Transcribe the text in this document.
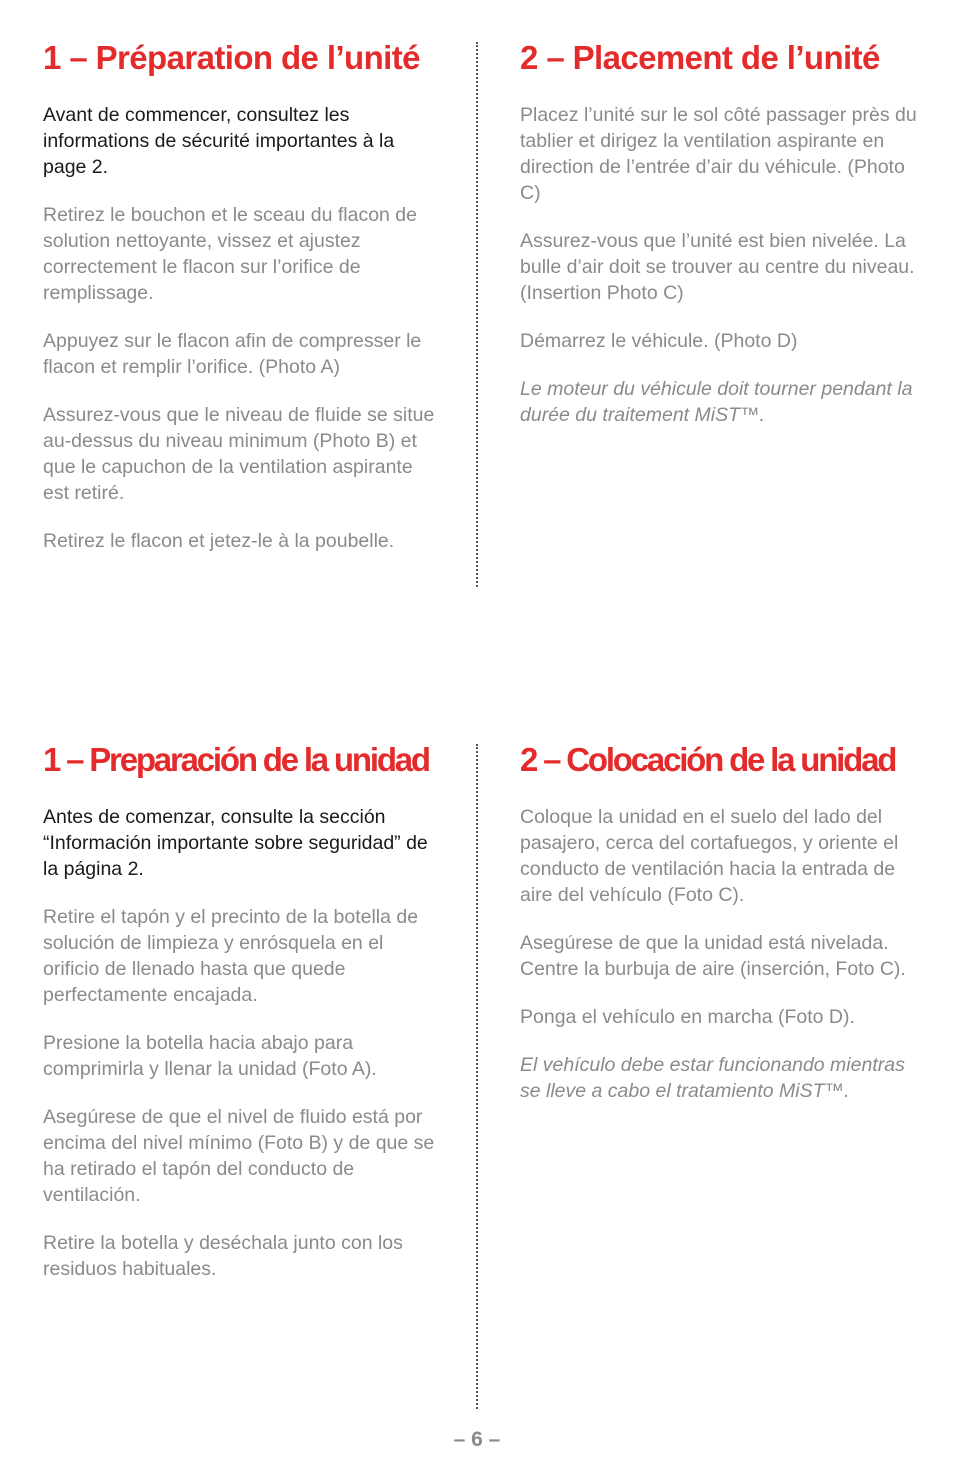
1 – Préparation de l’unité

Avant de commencer, consultez les informations de sécurité importantes à la page 2.

Retirez le bouchon et le sceau du flacon de solution nettoyante, vissez et ajustez correctement le flacon sur l’orifice de remplissage.

Appuyez sur le flacon afin de compresser le flacon et remplir l’orifice. (Photo A)

Assurez-vous que le niveau de fluide se situe au-dessus du niveau minimum (Photo B) et que le capuchon de la ventilation aspirante est retiré.

Retirez le flacon et jetez-le à la poubelle.

2 – Placement de l’unité

Placez l’unité sur le sol côté passager près du tablier et dirigez la ventilation aspirante en direction de l’entrée d’air du véhicule. (Photo C)

Assurez-vous que l’unité est bien nivelée. La bulle d’air doit se trouver au centre du niveau. (Insertion Photo C)

Démarrez le véhicule. (Photo D)

Le moteur du véhicule doit tourner pendant la durée du traitement MiST™.

1 – Preparación de la unidad

Antes de comenzar, consulte la sección “Información importante sobre seguridad” de la página 2.

Retire el tapón y el precinto de la botella de solución de limpieza y enrósquela en el orificio de llenado hasta que quede perfectamente encajada.

Presione la botella hacia abajo para comprimirla y llenar la unidad (Foto A).

Asegúrese de que el nivel de fluido está por encima del nivel mínimo (Foto B) y de que se ha retirado el tapón del conducto de ventilación.

Retire la botella y deséchala junto con los residuos habituales.

2 – Colocación de la unidad

Coloque la unidad en el suelo del lado del pasajero, cerca del cortafuegos, y oriente el conducto de ventilación hacia la entrada de aire del vehículo (Foto C).

Asegúrese de que la unidad está nivelada. Centre la burbuja de aire (inserción, Foto C).

Ponga el vehículo en marcha (Foto D).

El vehículo debe estar funcionando mientras se lleve a cabo el tratamiento MiST™.

– 6 –
